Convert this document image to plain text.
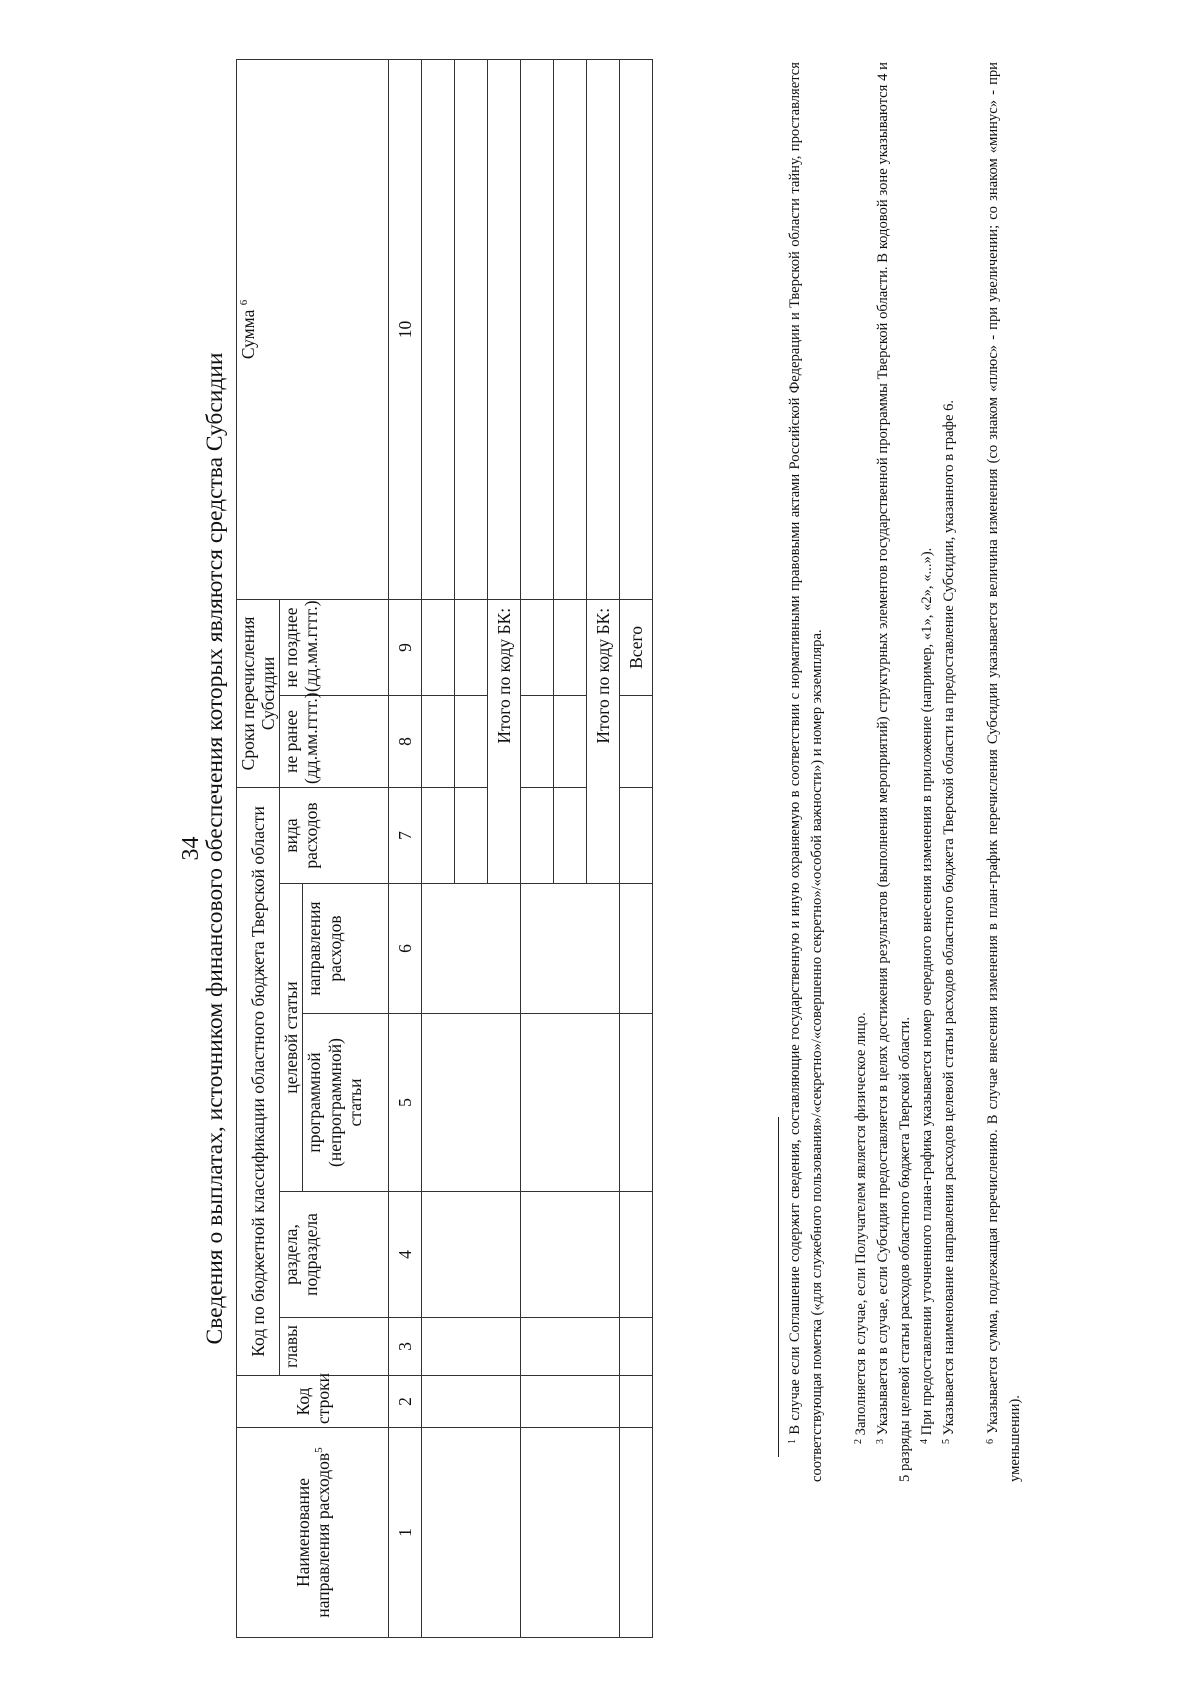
34
Сведения о выплатах, источником финансового обеспечения которых являются средства Субсидии
Наименование направления расходов$^5$	Код строки	Код по бюджетной классификации областного бюджета Тверской области					Сроки перечисления Субсидии		Сумма $^6$
		главы	раздела, подраздела	целевой статьи		вида расходов	не ранее (дд.мм.гггг.)	не позднее (дд.мм.гггг.)	
				программной (непрограммной) статьи	направления расходов				
1	2	3	4	5	6	7	8	9	10

						Итого по коду БК:			

						Итого по коду БК:			
								Всего	
$^1$ В случае если Соглашение содержит сведения, составляющие государственную и иную охраняемую в соответствии с нормативными правовыми актами Российской Федерации и Тверской области тайну, проставляется соответствующая пометка («для служебного пользования»/«секретно»/«совершенно секретно»/«особой важности») и номер экземпляра.	$^2$ Заполняется в случае, если Получателем является физическое лицо.
$^3$ Указывается в случае, если Субсидия предоставляется в целях достижения результатов (выполнения мероприятий) структурных элементов государственной программы Тверской области. В кодовой зоне указываются 4 и 5 разряды целевой статьи расходов областного бюджета Тверской области. $^4$ При предоставлении уточненного плана-графика указывается номер очередного внесения изменения в приложение (например, «1», «2», «...»).
$^5$ Указывается наименование направления расходов целевой статьи расходов областного бюджета Тверской области на предоставление Субсидии, указанного в графе 6.
$^6$ Указывается сумма, подлежащая перечислению. В случае внесения изменения в план-график перечисления Субсидии указывается величина изменения (со знаком «плюс» - при увеличении; со знаком «минус» - при уменьшении).
